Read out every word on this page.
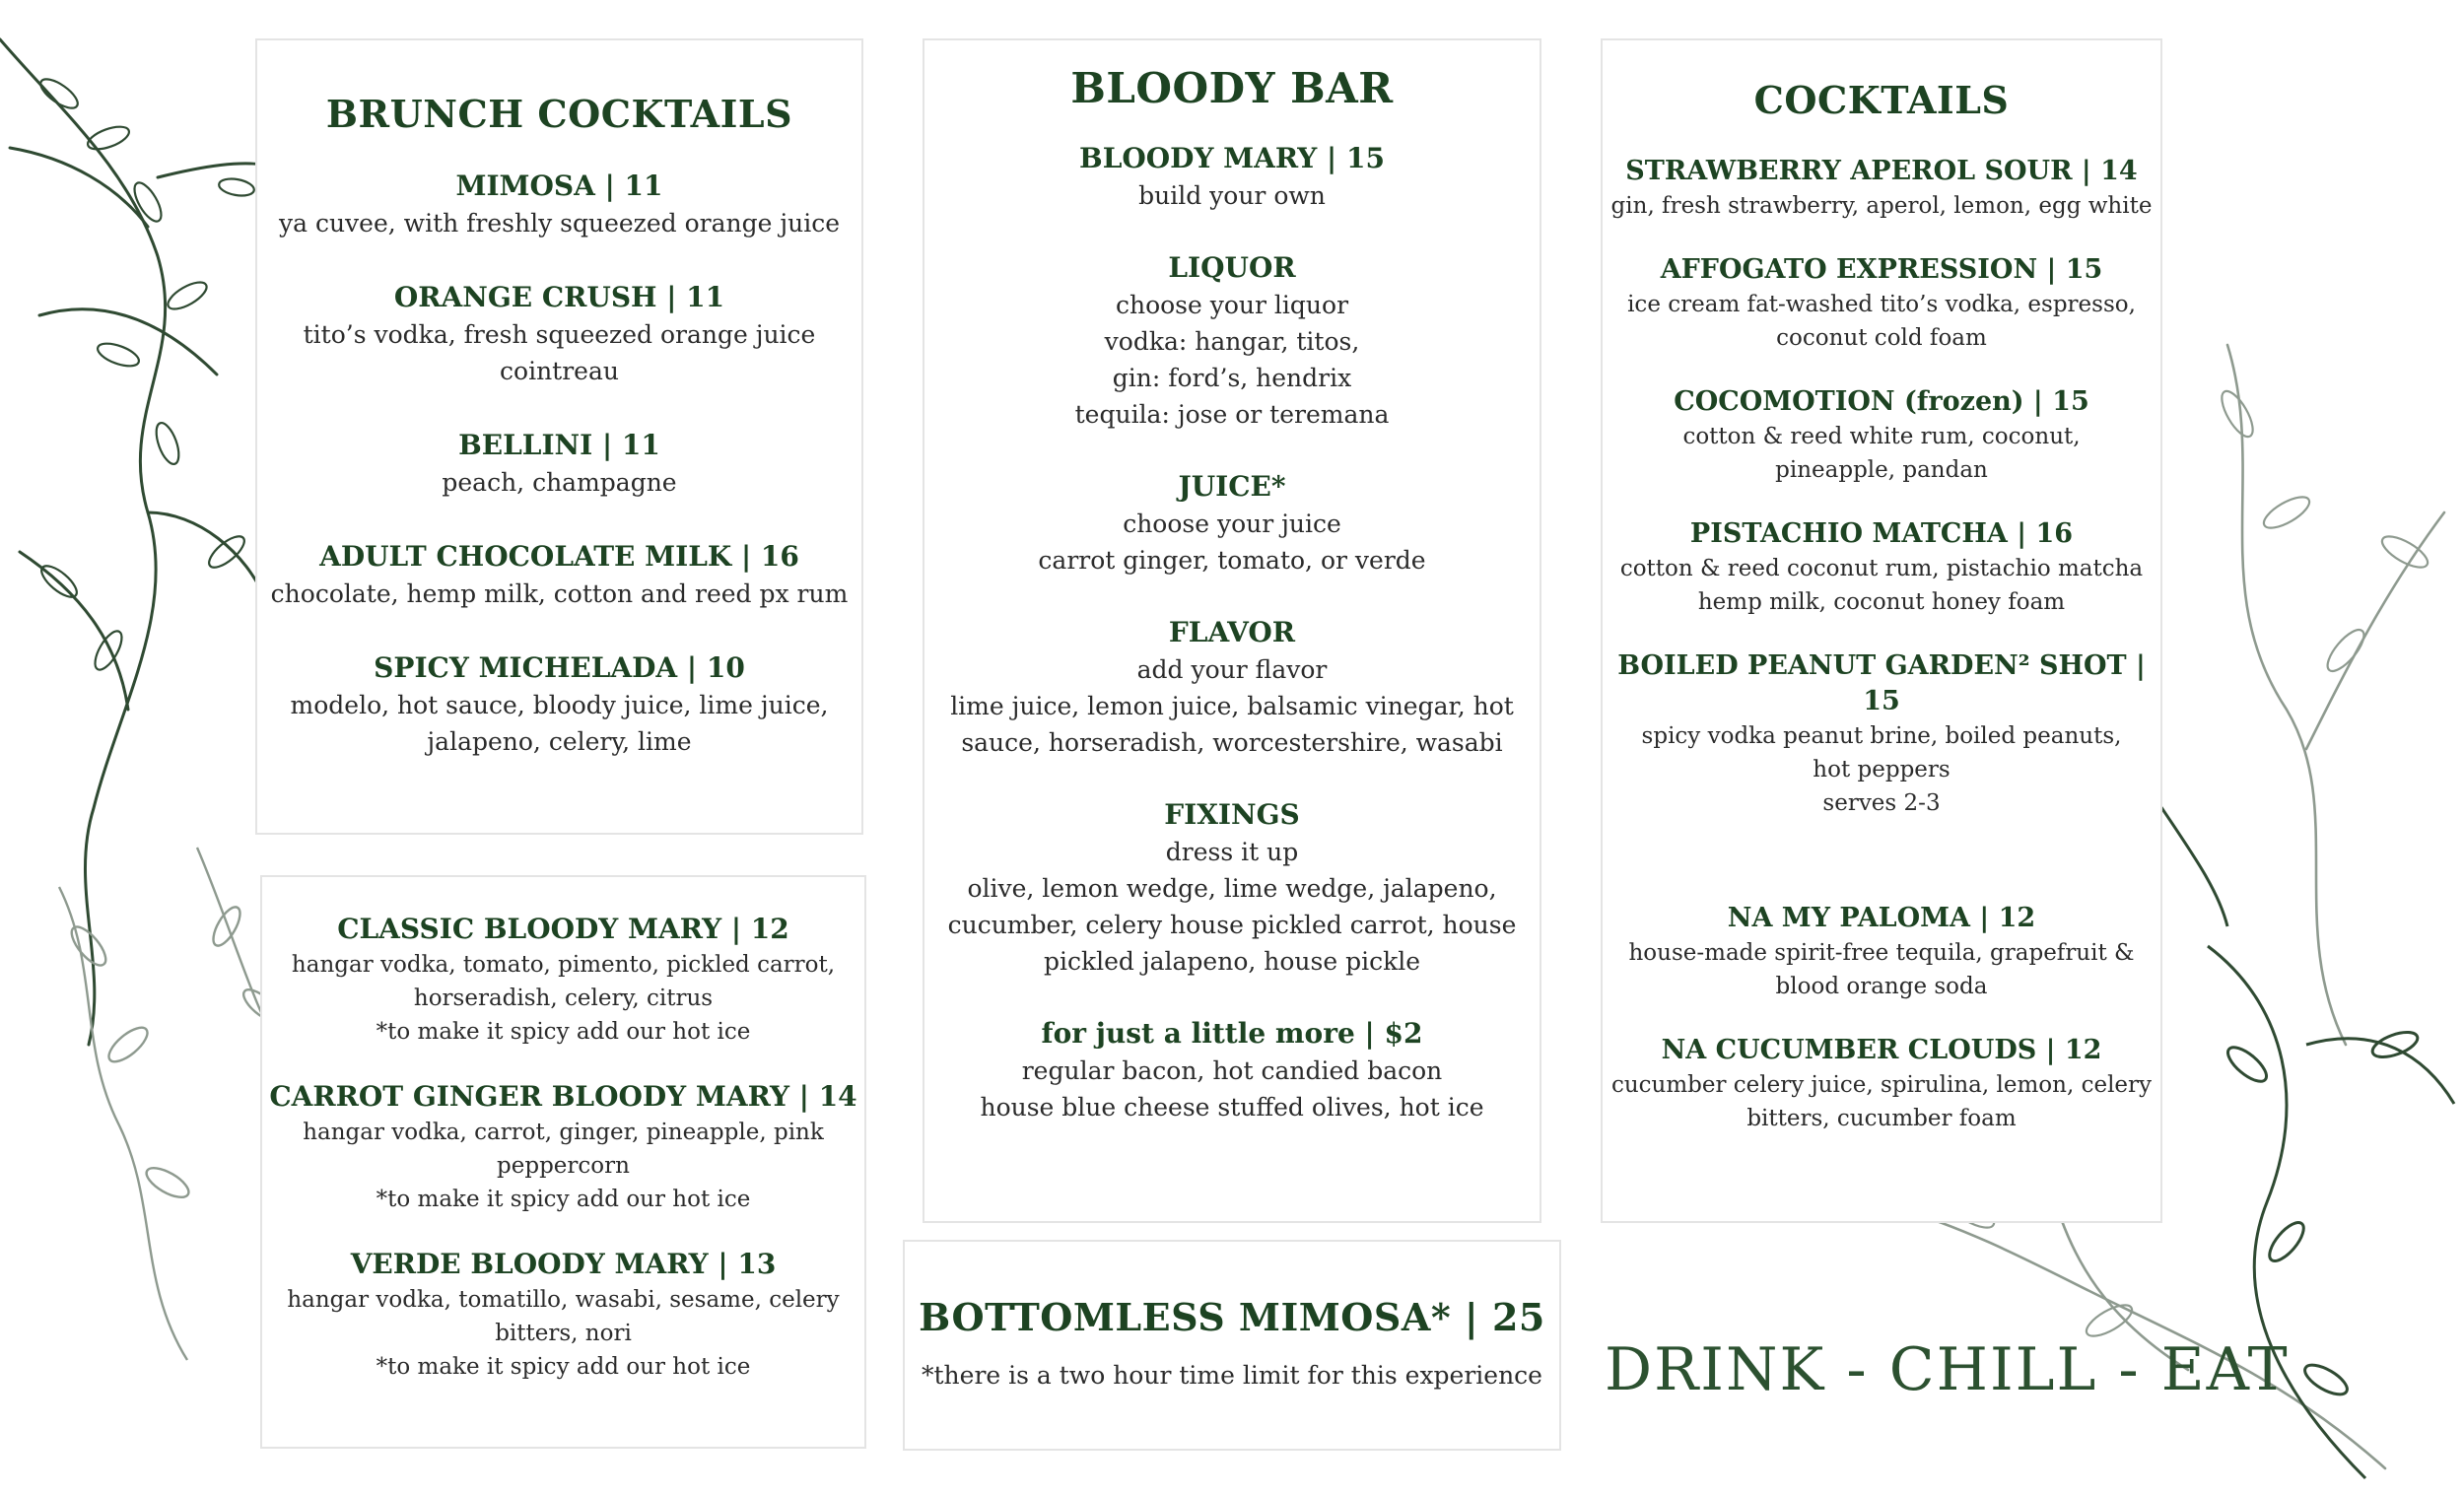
BRUNCH COCKTAILS
MIMOSA | 11
ya cuvee, with freshly squeezed orange juice
ORANGE CRUSH | 11
tito’s vodka, fresh squeezed orange juice
cointreau
BELLINI | 11
peach, champagne
ADULT CHOCOLATE MILK | 16
chocolate, hemp milk, cotton and reed px rum
SPICY MICHELADA | 10
modelo, hot sauce, bloody juice, lime juice,
jalapeno, celery, lime
CLASSIC BLOODY MARY | 12
hangar vodka, tomato, pimento, pickled carrot,
horseradish, celery, citrus
*to make it spicy add our hot ice
CARROT GINGER BLOODY MARY | 14
hangar vodka, carrot, ginger, pineapple, pink
peppercorn
*to make it spicy add our hot ice
VERDE BLOODY MARY | 13
hangar vodka, tomatillo, wasabi, sesame, celery
bitters, nori
*to make it spicy add our hot ice
BLOODY BAR
BLOODY MARY | 15
build your own
LIQUOR
choose your liquor
vodka: hangar, titos,
gin: ford’s, hendrix
tequila: jose or teremana
JUICE*
choose your juice
carrot ginger, tomato, or verde
FLAVOR
add your flavor
lime juice, lemon juice, balsamic vinegar, hot
sauce, horseradish, worcestershire, wasabi
FIXINGS
dress it up
olive, lemon wedge, lime wedge, jalapeno,
cucumber, celery house pickled carrot, house
pickled jalapeno, house pickle
for just a little more | $2
regular bacon, hot candied bacon
house blue cheese stuffed olives, hot ice
BOTTOMLESS MIMOSA* | 25
*there is a two hour time limit for this experience
COCKTAILS
STRAWBERRY APEROL SOUR | 14
gin, fresh strawberry, aperol, lemon, egg white
AFFOGATO EXPRESSION | 15
ice cream fat-washed tito’s vodka, espresso,
coconut cold foam
COCOMOTION (frozen) | 15
cotton & reed white rum, coconut,
pineapple, pandan
PISTACHIO MATCHA | 16
cotton & reed coconut rum, pistachio matcha
hemp milk, coconut honey foam
BOILED PEANUT GARDEN² SHOT | 15
spicy vodka peanut brine, boiled peanuts,
hot peppers
serves 2-3
NA MY PALOMA | 12
house-made spirit-free tequila, grapefruit &
blood orange soda
NA CUCUMBER CLOUDS | 12
cucumber celery juice, spirulina, lemon, celery
bitters, cucumber foam
DRINK - CHILL - EAT
